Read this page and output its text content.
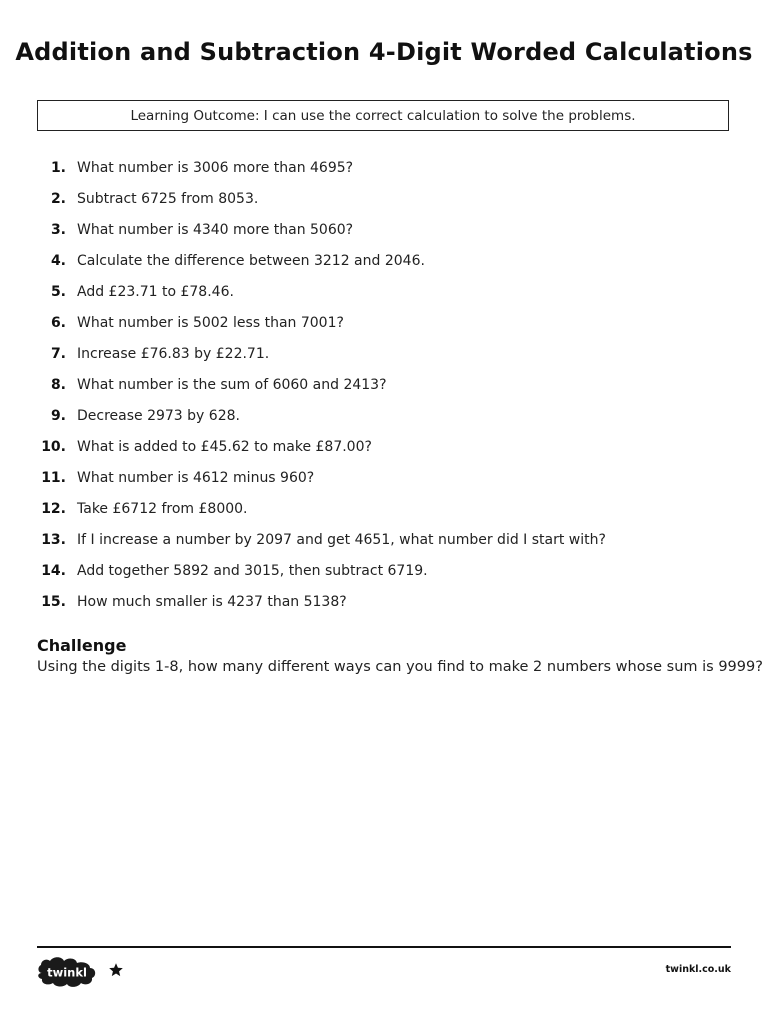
Addition and Subtraction 4-Digit Worded Calculations
Learning Outcome: I can use the correct calculation to solve the problems.
1. What number is 3006 more than 4695?
2. Subtract 6725 from 8053.
3. What number is 4340 more than 5060?
4. Calculate the difference between 3212 and 2046.
5. Add £23.71 to £78.46.
6. What number is 5002 less than 7001?
7. Increase £76.83 by £22.71.
8. What number is the sum of 6060 and 2413?
9. Decrease 2973 by 628.
10. What is added to £45.62 to make £87.00?
11. What number is 4612 minus 960?
12. Take £6712 from £8000.
13. If I increase a number by 2097 and get 4651, what number did I start with?
14. Add together 5892 and 3015, then subtract 6719.
15. How much smaller is 4237 than 5138?
Challenge
Using the digits 1-8, how many different ways can you find to make 2 numbers whose sum is 9999?
twinkl	twinkl.co.uk
